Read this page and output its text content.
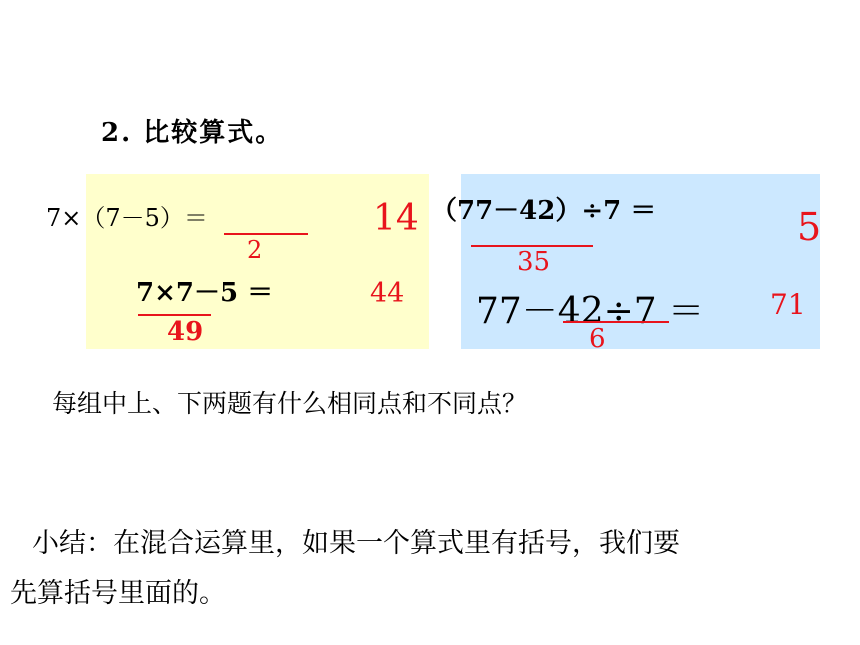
2. 比较算式。
7×（7－5）＝
2
14
7×7－5 ＝
49
44
（77－42）÷7 ＝
35
5
77－42÷7 ＝
6
71
每组中上、下两题有什么相同点和不同点？
小结：在混合运算里，如果一个算式里有括号，我们要
先算括号里面的。
